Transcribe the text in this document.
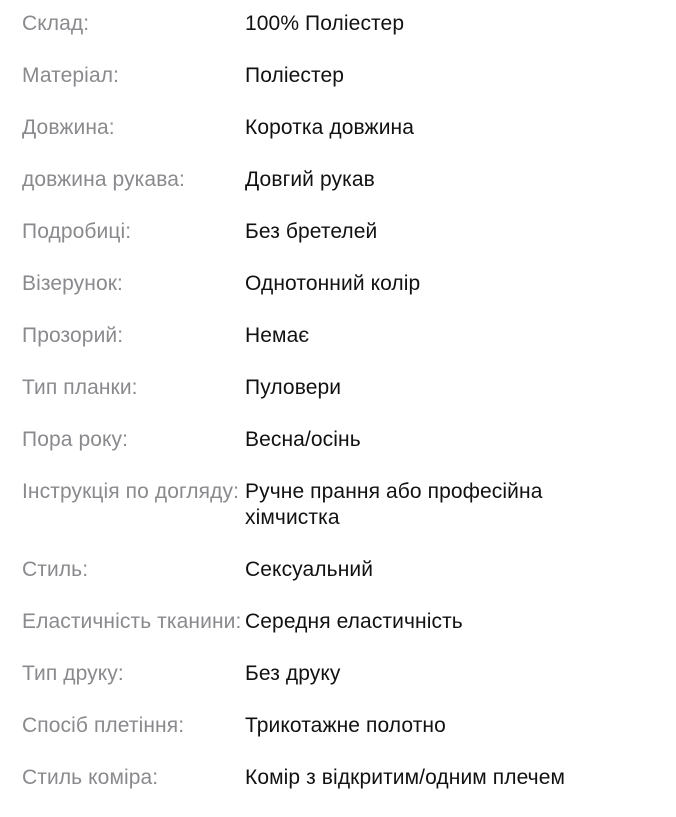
Склад:	100% Поліестер
Матеріал:	Поліестер
Довжина:	Коротка довжина
довжина рукава:	Довгий рукав
Подробиці:	Без бретелей
Візерунок:	Однотонний колір
Прозорий:	Немає
Тип планки:	Пуловери
Пора року:	Весна/осінь
Інструкція по догляду: Ручне прання або професійна хімчистка
Стиль:	Сексуальний
Еластичність тканини: Середня еластичність
Тип друку:	Без друку
Спосіб плетіння:	Трикотажне полотно
Стиль коміра:	Комір з відкритим/одним плечем
